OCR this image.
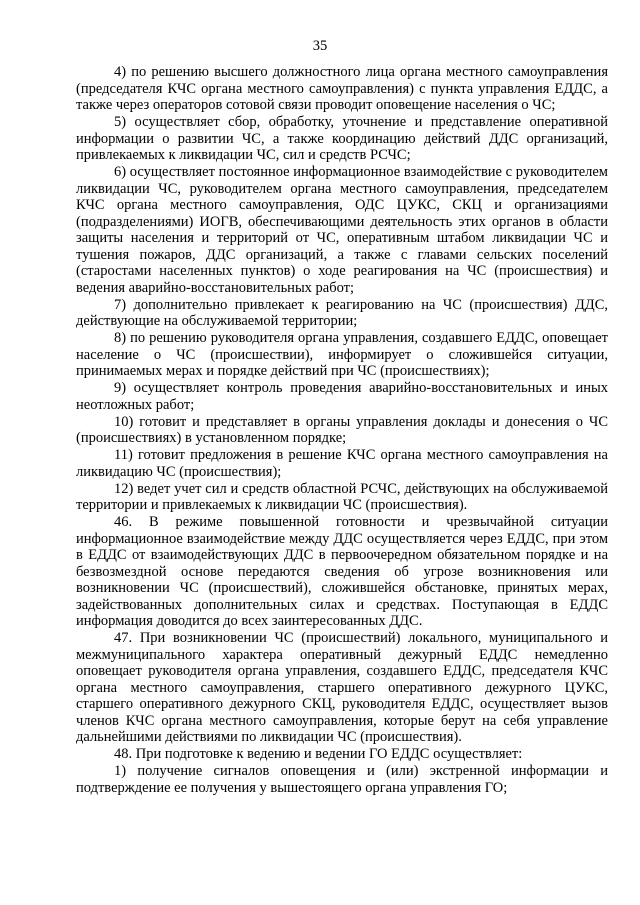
35

4) по решению высшего должностного лица органа местного самоуправления (председателя КЧС органа местного самоуправления) с пункта управления ЕДДС, а также через операторов сотовой связи проводит оповещение населения о ЧС;

5) осуществляет сбор, обработку, уточнение и представление оперативной информации о развитии ЧС, а также координацию действий ДДС организаций, привлекаемых к ликвидации ЧС, сил и средств РСЧС;

6) осуществляет постоянное информационное взаимодействие с руководителем ликвидации ЧС, руководителем органа местного самоуправления, председателем КЧС органа местного самоуправления, ОДС ЦУКС, СКЦ и организациями (подразделениями) ИОГВ, обеспечивающими деятельность этих органов в области защиты населения и территорий от ЧС, оперативным штабом ликвидации ЧС и тушения пожаров, ДДС организаций, а также с главами сельских поселений (старостами населенных пунктов) о ходе реагирования на ЧС (происшествия) и ведения аварийно-восстановительных работ;

7) дополнительно привлекает к реагированию на ЧС (происшествия) ДДС, действующие на обслуживаемой территории;

8) по решению руководителя органа управления, создавшего ЕДДС, оповещает население о ЧС (происшествии), информирует о сложившейся ситуации, принимаемых мерах и порядке действий при ЧС (происшествиях);

9) осуществляет контроль проведения аварийно-восстановительных и иных неотложных работ;

10) готовит и представляет в органы управления доклады и донесения о ЧС (происшествиях) в установленном порядке;

11) готовит предложения в решение КЧС органа местного самоуправления на ликвидацию ЧС (происшествия);

12) ведет учет сил и средств областной РСЧС, действующих на обслуживаемой территории и привлекаемых к ликвидации ЧС (происшествия).

46. В режиме повышенной готовности и чрезвычайной ситуации информационное взаимодействие между ДДС осуществляется через ЕДДС, при этом в ЕДДС от взаимодействующих ДДС в первоочередном обязательном порядке и на безвозмездной основе передаются сведения об угрозе возникновения или возникновении ЧС (происшествий), сложившейся обстановке, принятых мерах, задействованных дополнительных силах и средствах. Поступающая в ЕДДС информация доводится до всех заинтересованных ДДС.

47. При возникновении ЧС (происшествий) локального, муниципального и межмуниципального характера оперативный дежурный ЕДДС немедленно оповещает руководителя органа управления, создавшего ЕДДС, председателя КЧС органа местного самоуправления, старшего оперативного дежурного ЦУКС, старшего оперативного дежурного СКЦ, руководителя ЕДДС, осуществляет вызов членов КЧС органа местного самоуправления, которые берут на себя управление дальнейшими действиями по ликвидации ЧС (происшествия).

48. При подготовке к ведению и ведении ГО ЕДДС осуществляет:

1) получение сигналов оповещения и (или) экстренной информации и подтверждение ее получения у вышестоящего органа управления ГО;
